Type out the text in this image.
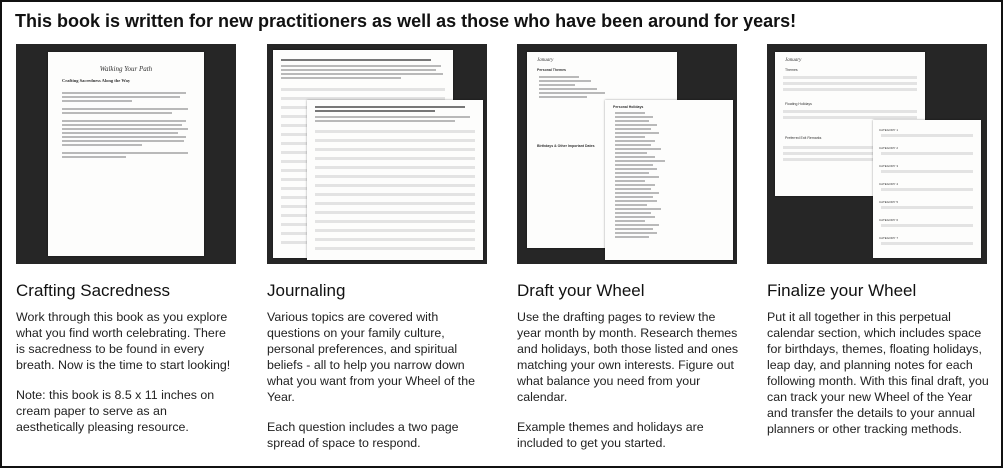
This book is written for new practitioners as well as those who have been around for years!
Walking Your Path
Crafting Sacredness Along the Way
Crafting Sacredness

Work through this book as you explore what you find worth celebrating. There is sacredness to be found in every breath. Now is the time to start looking!

Note: this book is 8.5 x 11 inches on cream paper to serve as an aesthetically pleasing resource.

Journaling

Various topics are covered with questions on your family culture, personal preferences, and spiritual beliefs - all to help you narrow down what you want from your Wheel of the Year.

Each question includes a two page spread of space to respond.

January
Personal Themes
Birthdays & Other Important Dates
Personal Holidays
Draft your Wheel

Use the drafting pages to review the year month by month. Research themes and holidays, both those listed and ones matching your own interests. Figure out what balance you need from your calendar.

Example themes and holidays are included to get you started.

January
Themes
Floating Holidays
Preferred Exit Remarks
CATEGORY 1
CATEGORY 2
CATEGORY 3
CATEGORY 4
CATEGORY 5
CATEGORY 6
CATEGORY 7
Finalize your Wheel

Put it all together in this perpetual calendar section, which includes space for birthdays, themes, floating holidays, leap day, and planning notes for each following month. With this final draft, you can track your new Wheel of the Year and transfer the details to your annual planners or other tracking methods.
